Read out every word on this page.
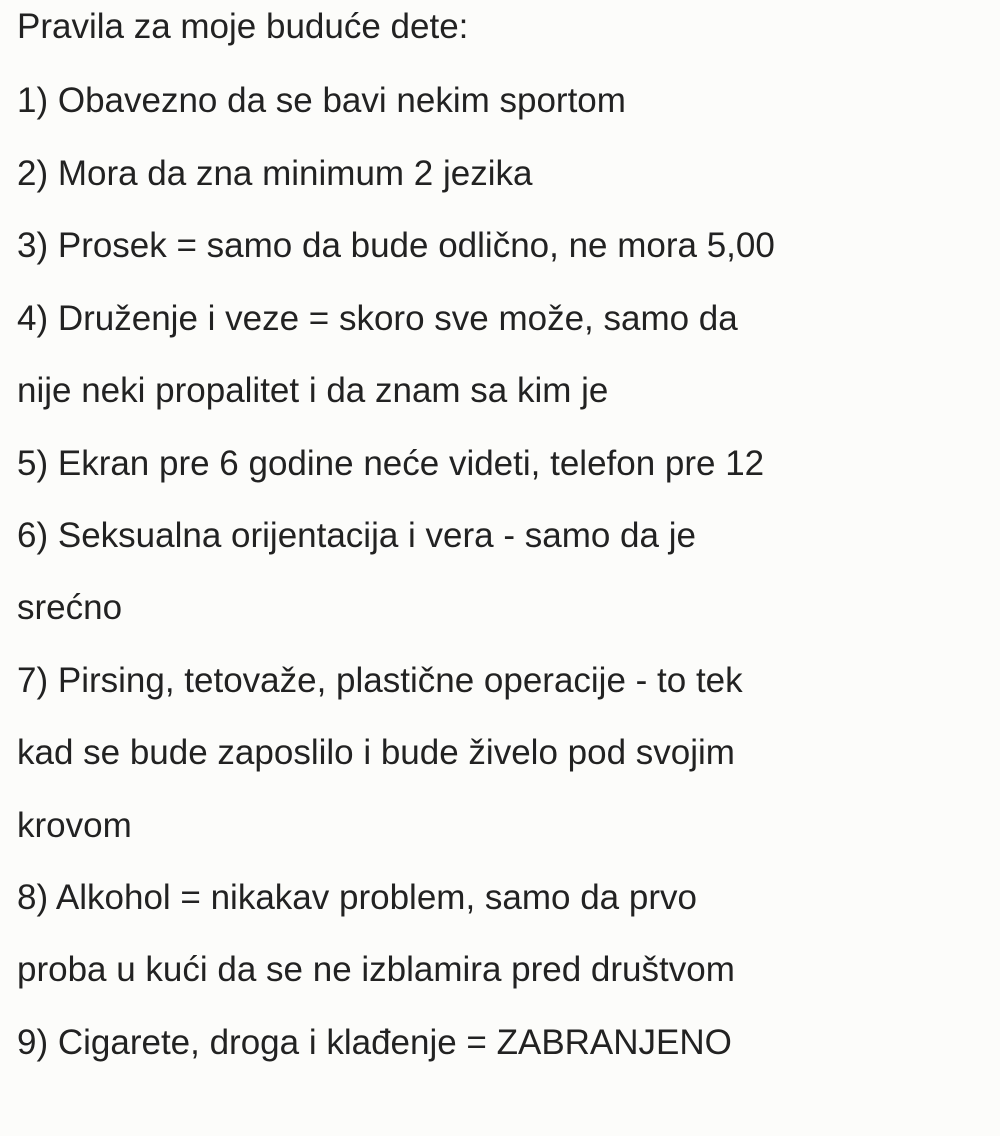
Pravila za moje buduće dete:
1) Obavezno da se bavi nekim sportom
2) Mora da zna minimum 2 jezika
3) Prosek = samo da bude odlično, ne mora 5,00
4) Druženje i veze = skoro sve može, samo da
nije neki propalitet i da znam sa kim je
5) Ekran pre 6 godine neće videti, telefon pre 12
6) Seksualna orijentacija i vera - samo da je
srećno
7) Pirsing, tetovaže, plastične operacije - to tek
kad se bude zaposlilo i bude živelo pod svojim
krovom
8) Alkohol = nikakav problem, samo da prvo
proba u kući da se ne izblamira pred društvom
9) Cigarete, droga i klađenje = ZABRANJENO
